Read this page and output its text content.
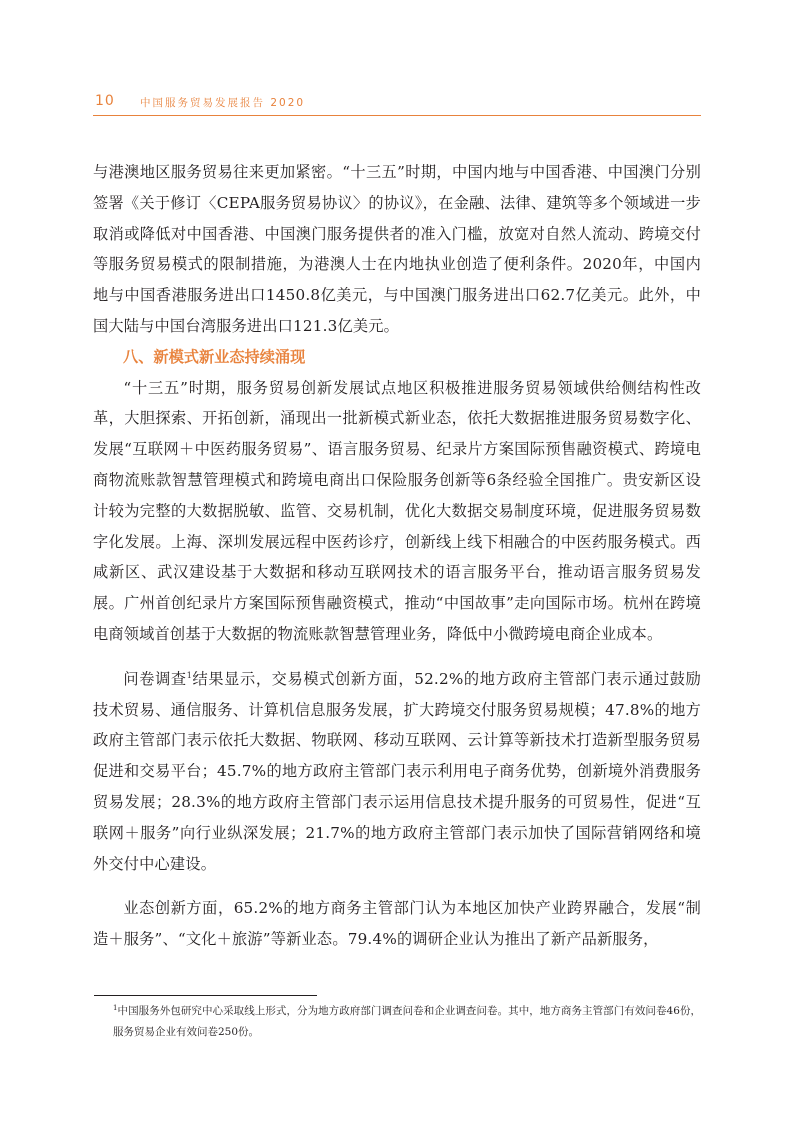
10 中国服务贸易发展报告 2020

与港澳地区服务贸易往来更加紧密。“十三五”时期，中国内地与中国香港、中国澳门分别签署《关于修订〈CEPA服务贸易协议〉的协议》，在金融、法律、建筑等多个领域进一步取消或降低对中国香港、中国澳门服务提供者的准入门槛，放宽对自然人流动、跨境交付等服务贸易模式的限制措施，为港澳人士在内地执业创造了便利条件。2020年，中国内地与中国香港服务进出口1450.8亿美元，与中国澳门服务进出口62.7亿美元。此外，中国大陆与中国台湾服务进出口121.3亿美元。

八、新模式新业态持续涌现

“十三五”时期，服务贸易创新发展试点地区积极推进服务贸易领域供给侧结构性改革，大胆探索、开拓创新，涌现出一批新模式新业态，依托大数据推进服务贸易数字化、发展“互联网＋中医药服务贸易”、语言服务贸易、纪录片方案国际预售融资模式、跨境电商物流账款智慧管理模式和跨境电商出口保险服务创新等6条经验全国推广。贵安新区设计较为完整的大数据脱敏、监管、交易机制，优化大数据交易制度环境，促进服务贸易数字化发展。上海、深圳发展远程中医药诊疗，创新线上线下相融合的中医药服务模式。西咸新区、武汉建设基于大数据和移动互联网技术的语言服务平台，推动语言服务贸易发展。广州首创纪录片方案国际预售融资模式，推动“中国故事”走向国际市场。杭州在跨境电商领域首创基于大数据的物流账款智慧管理业务，降低中小微跨境电商企业成本。

问卷调查$^1$结果显示，交易模式创新方面，52.2%的地方政府主管部门表示通过鼓励技术贸易、通信服务、计算机信息服务发展，扩大跨境交付服务贸易规模；47.8%的地方政府主管部门表示依托大数据、物联网、移动互联网、云计算等新技术打造新型服务贸易促进和交易平台；45.7%的地方政府主管部门表示利用电子商务优势，创新境外消费服务贸易发展；28.3%的地方政府主管部门表示运用信息技术提升服务的可贸易性，促进“互联网＋服务”向行业纵深发展；21.7%的地方政府主管部门表示加快了国际营销网络和境外交付中心建设。

业态创新方面，65.2%的地方商务主管部门认为本地区加快产业跨界融合，发展“制造＋服务”、“文化＋旅游”等新业态。79.4%的调研企业认为推出了新产品新服务，

$^1$中国服务外包研究中心采取线上形式，分为地方政府部门调查问卷和企业调查问卷。其中，地方商务主管部门有效问卷46份，服务贸易企业有效问卷250份。
